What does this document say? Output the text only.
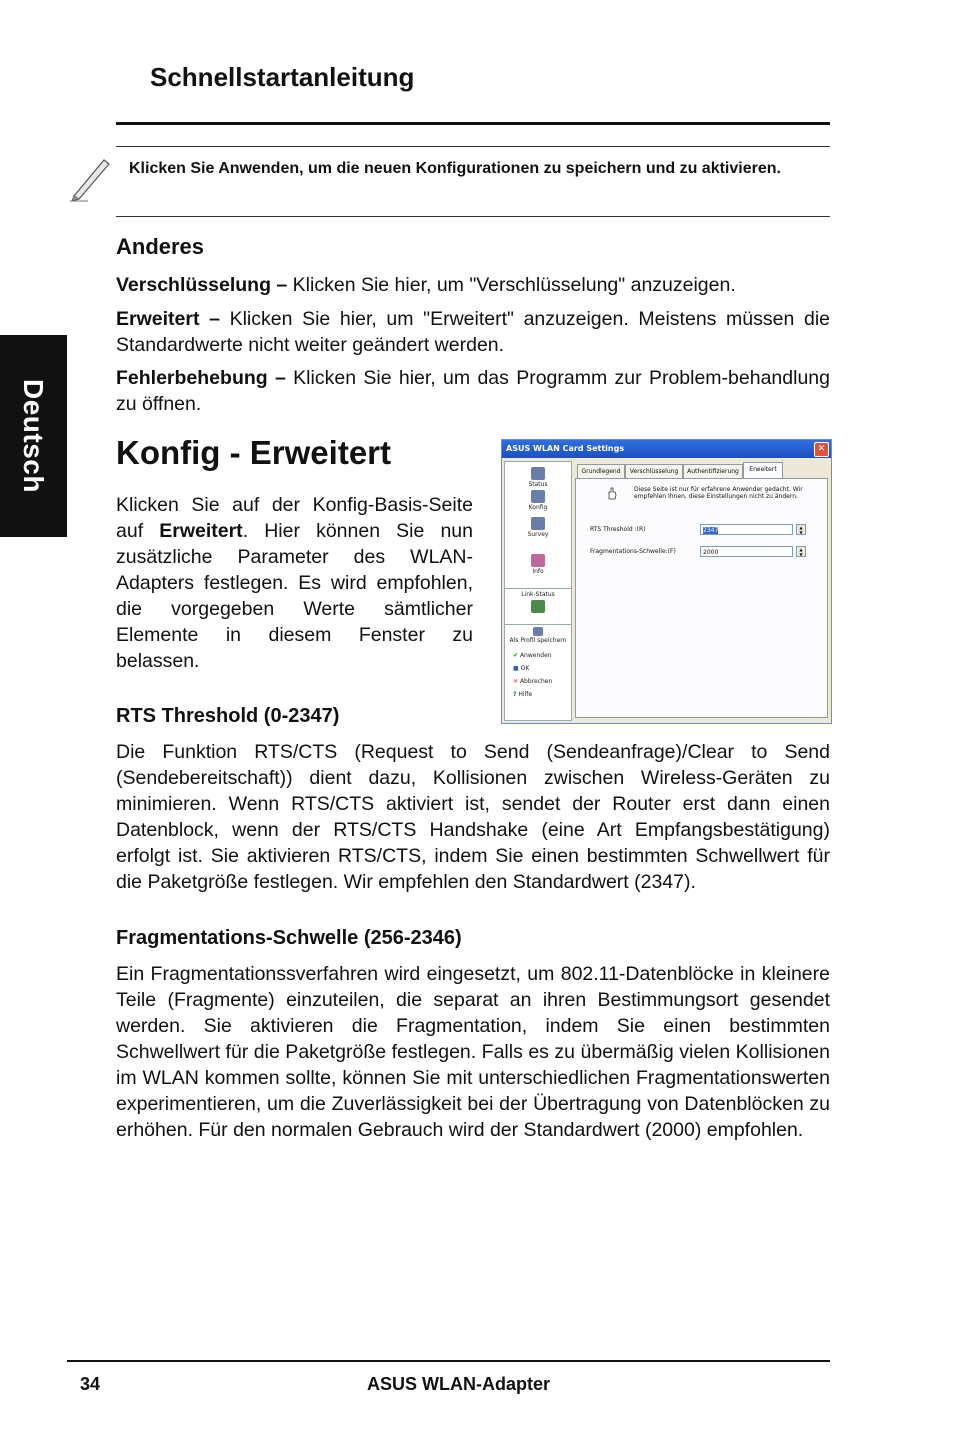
Schnellstartanleitung
Klicken Sie Anwenden, um die neuen Konfigurationen zu speichern und zu aktivieren.
Deutsch
Anderes

Verschlüsselung – Klicken Sie hier, um "Verschlüsselung" anzuzeigen.

Erweitert – Klicken Sie hier, um "Erweitert" anzuzeigen. Meistens müssen die Standardwerte nicht weiter geändert werden.

Fehlerbehebung – Klicken Sie hier, um das Programm zur Problem-behandlung zu öffnen.

Konfig - Erweitert

Klicken Sie auf der Konfig-Basis-Seite auf Erweitert. Hier können Sie nun zusätzliche Parameter des WLAN-Adapters festlegen. Es wird empfohlen, die vorgegeben Werte sämtlicher Elemente in diesem Fenster zu belassen.

ASUS WLAN Card Settings	✕
Status
Konfig
Survey
Info
Link-Status
Als Profil speichern
✔ Anwenden
■ OK
✕ Abbrechen
? Hilfe
Grundlegend	Verschlüsselung	Authentifizierung	Erweitert
Diese Seite ist nur für erfahrene Anwender gedacht. Wir empfehlen Ihnen, diese Einstellungen nicht zu ändern.
RTS Threshold :(R)	2347	▲
▼
Fragmentations-Schwelle:(F)	2000	▲
▼
RTS Threshold (0-2347)

Die Funktion RTS/CTS (Request to Send (Sendeanfrage)/Clear to Send (Sendebereitschaft)) dient dazu, Kollisionen zwischen Wireless-Geräten zu minimieren. Wenn RTS/CTS aktiviert ist, sendet der Router erst dann einen Datenblock, wenn der RTS/CTS Handshake (eine Art Empfangsbestätigung) erfolgt ist. Sie aktivieren RTS/CTS, indem Sie einen bestimmten Schwellwert für die Paketgröße festlegen. Wir empfehlen den Standardwert (2347).

Fragmentations-Schwelle (256-2346)

Ein Fragmentationssverfahren wird eingesetzt, um 802.11-Datenblöcke in kleinere Teile (Fragmente) einzuteilen, die separat an ihren Bestimmungsort gesendet werden. Sie aktivieren die Fragmentation, indem Sie einen bestimmten Schwellwert für die Paketgröße festlegen. Falls es zu übermäßig vielen Kollisionen im WLAN kommen sollte, können Sie mit unterschiedlichen Fragmentationswerten experimentieren, um die Zuverlässigkeit bei der Übertragung von Datenblöcken zu erhöhen. Für den normalen Gebrauch wird der Standardwert (2000) empfohlen.

34	ASUS WLAN-Adapter
